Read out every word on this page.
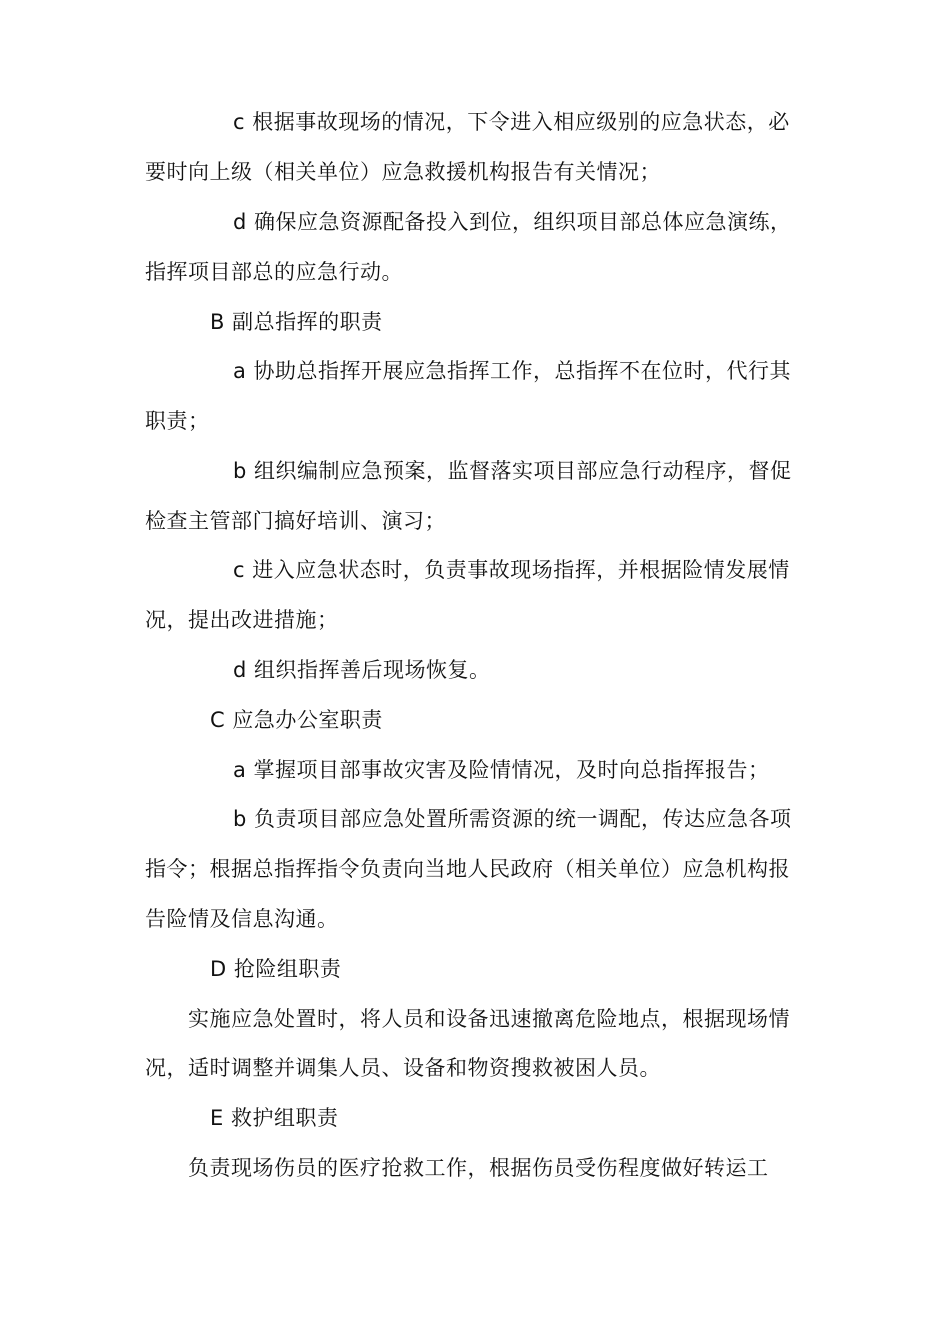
c 根据事故现场的情况，下令进入相应级别的应急状态，必
要时向上级（相关单位）应急救援机构报告有关情况；
d 确保应急资源配备投入到位，组织项目部总体应急演练，
指挥项目部总的应急行动。
B 副总指挥的职责
a 协助总指挥开展应急指挥工作，总指挥不在位时，代行其
职责；
b 组织编制应急预案，监督落实项目部应急行动程序，督促
检查主管部门搞好培训、演习；
c 进入应急状态时，负责事故现场指挥，并根据险情发展情
况，提出改进措施；
d 组织指挥善后现场恢复。
C 应急办公室职责
a 掌握项目部事故灾害及险情情况，及时向总指挥报告；
b 负责项目部应急处置所需资源的统一调配，传达应急各项
指令；根据总指挥指令负责向当地人民政府（相关单位）应急机构报
告险情及信息沟通。
D 抢险组职责
实施应急处置时，将人员和设备迅速撤离危险地点，根据现场情
况，适时调整并调集人员、设备和物资搜救被困人员。
E 救护组职责
负责现场伤员的医疗抢救工作，根据伤员受伤程度做好转运工
